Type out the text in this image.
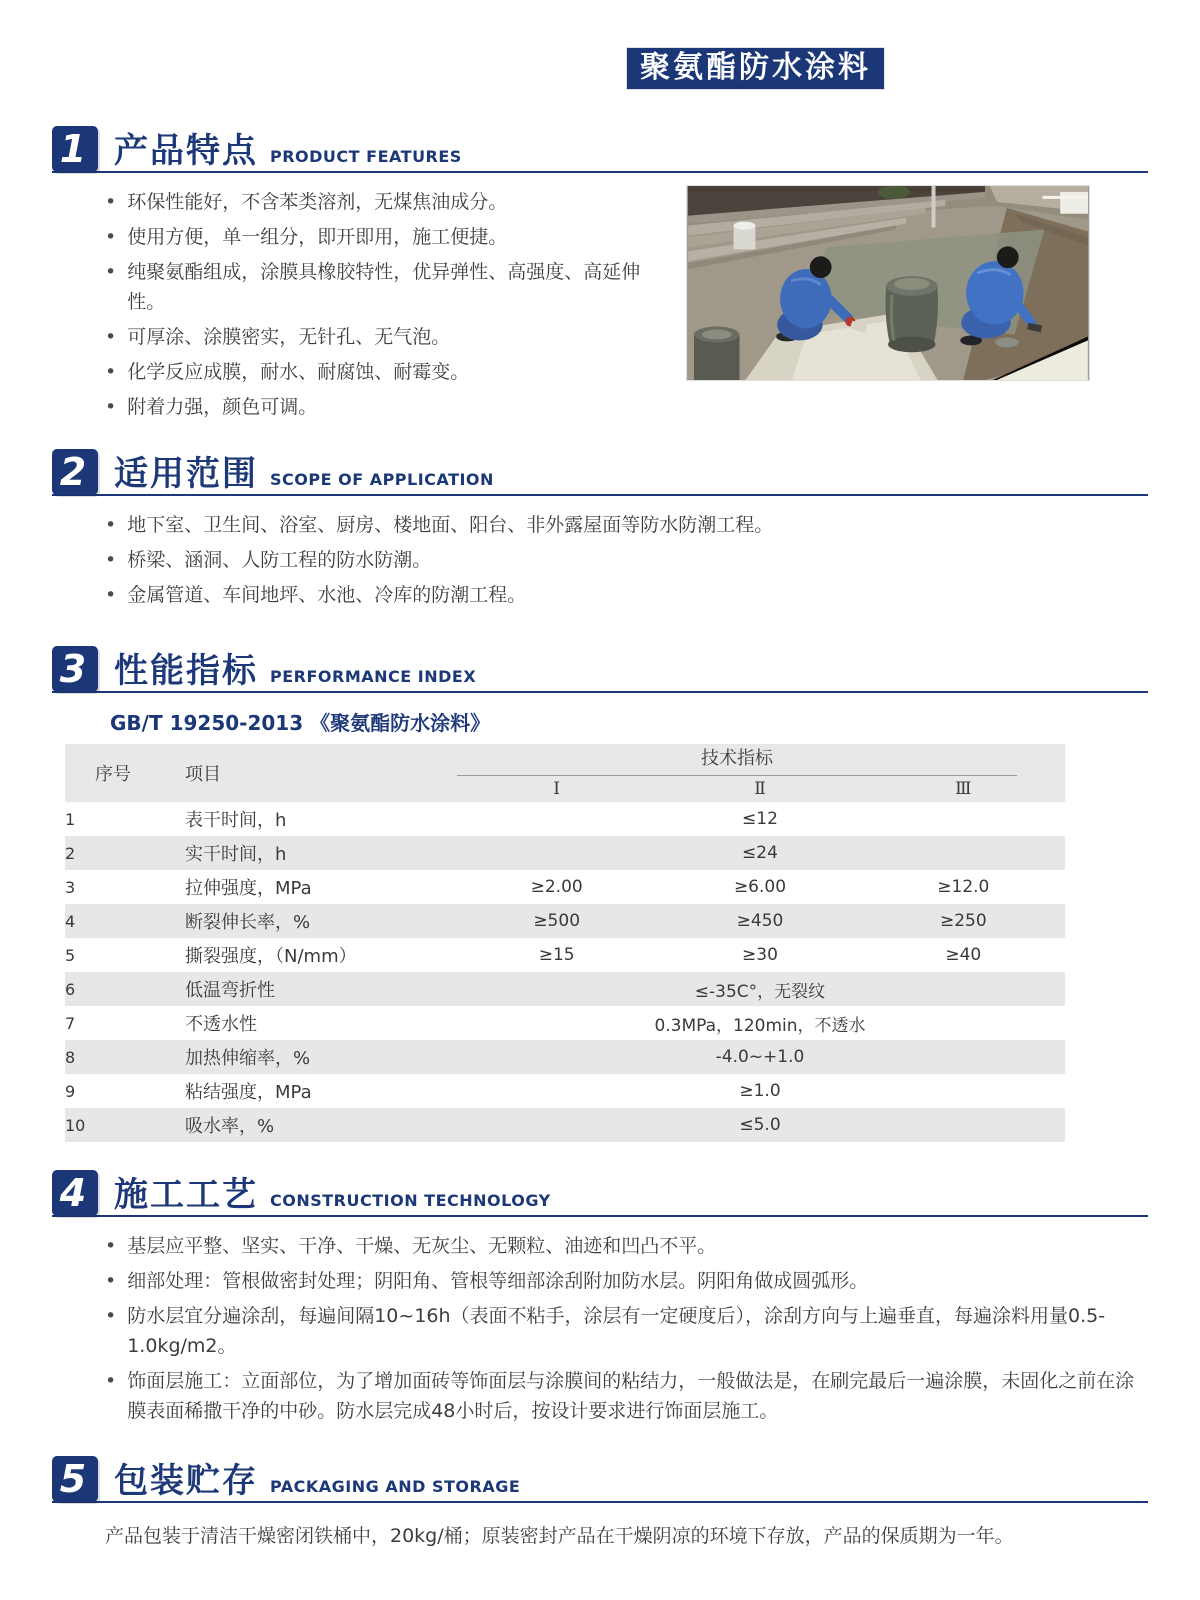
聚氨酯防水涂料
1 产品特点 PRODUCT FEATURES
• 环保性能好，不含苯类溶剂，无煤焦油成分。
• 使用方便，单一组分，即开即用，施工便捷。
• 纯聚氨酯组成，涂膜具橡胶特性，优异弹性、高强度、高延伸性。
• 可厚涂、涂膜密实，无针孔、无气泡。
• 化学反应成膜，耐水、耐腐蚀、耐霉变。
• 附着力强，颜色可调。
2 适用范围 SCOPE OF APPLICATION
• 地下室、卫生间、浴室、厨房、楼地面、阳台、非外露屋面等防水防潮工程。
• 桥梁、涵洞、人防工程的防水防潮。
• 金属管道、车间地坪、水池、冷库的防潮工程。
3 性能指标 PERFORMANCE INDEX
GB/T 19250-2013 《聚氨酯防水涂料》
序号	项目	技术指标		

		Ⅰ	Ⅱ	Ⅲ
1	表干时间，h	≤12		
2	实干时间，h	≤24		
3	拉伸强度，MPa	≥2.00	≥6.00	≥12.0
4	断裂伸长率，%	≥500	≥450	≥250
5	撕裂强度，（N/mm）	≥15	≥30	≥40
6	低温弯折性	≤-35C°，无裂纹		
7	不透水性	0.3MPa，120min，不透水		
8	加热伸缩率，%	-4.0~+1.0		
9	粘结强度，MPa	≥1.0		
10	吸水率，%	≤5.0		
4 施工工艺 CONSTRUCTION TECHNOLOGY
• 基层应平整、坚实、干净、干燥、无灰尘、无颗粒、油迹和凹凸不平。
• 细部处理：管根做密封处理；阴阳角、管根等细部涂刮附加防水层。阴阳角做成圆弧形。
• 防水层宜分遍涂刮，每遍间隔10~16h（表面不粘手，涂层有一定硬度后），涂刮方向与上遍垂直，每遍涂料用量0.5-1.0kg/m2。
• 饰面层施工：立面部位，为了增加面砖等饰面层与涂膜间的粘结力，一般做法是，在刷完最后一遍涂膜，未固化之前在涂膜表面稀撒干净的中砂。防水层完成48小时后，按设计要求进行饰面层施工。
5 包装贮存 PACKAGING AND STORAGE
产品包装于清洁干燥密闭铁桶中，20kg/桶；原装密封产品在干燥阴凉的环境下存放，产品的保质期为一年。
